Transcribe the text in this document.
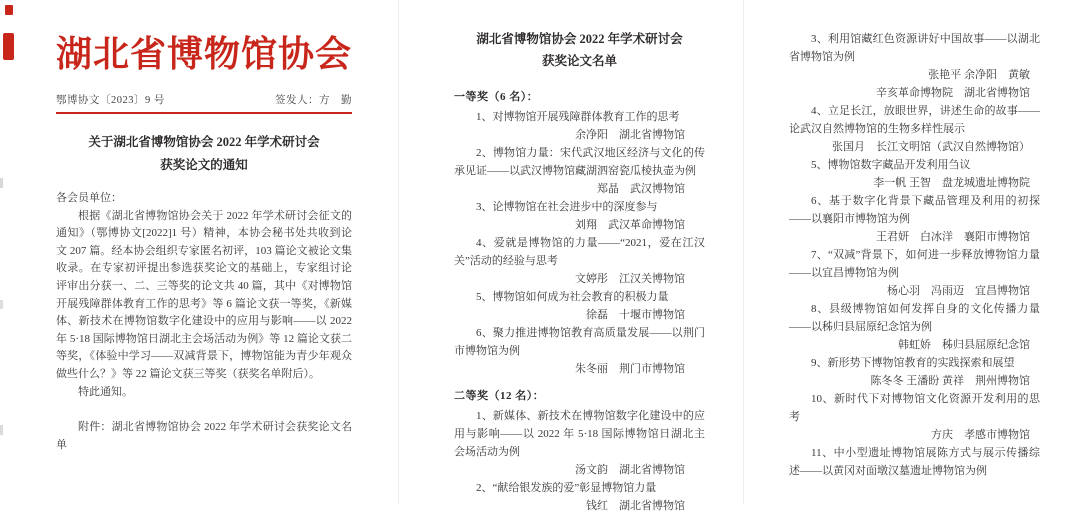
湖北省博物馆协会
鄂博协文〔2023〕9 号	签发人：方　勤
关于湖北省博物馆协会 2022 年学术研讨会
获奖论文的通知

各会员单位：

根据《湖北省博物馆协会关于 2022 年学术研讨会征文的通知》（鄂博协文[2022]1 号）精神，本协会秘书处共收到论文 207 篇。经本协会组织专家匿名初评，103 篇论文被论文集收录。在专家初评提出参选获奖论文的基础上，专家组讨论评审出分获一、二、三等奖的论文共 40 篇，其中《对博物馆开展残障群体教育工作的思考》等 6 篇论文获一等奖，《新媒体、新技术在博物馆数字化建设中的应用与影响——以 2022 年 5·18 国际博物馆日湖北主会场活动为例》等 12 篇论文获二等奖，《体验中学习——双减背景下，博物馆能为青少年观众做些什么？》等 22 篇论文获三等奖（获奖名单附后）。

特此通知。

附件：湖北省博物馆协会 2022 年学术研讨会获奖论文名单

湖北省博物馆协会 2022 年学术研讨会
获奖论文名单

一等奖（6 名）：

1、对博物馆开展残障群体教育工作的思考

余净阳　湖北省博物馆

2、博物馆力量：宋代武汉地区经济与文化的传承见证——以武汉博物馆藏湖泗窑瓷瓜棱执壶为例

郑晶　武汉博物馆

3、论博物馆在社会进步中的深度参与

刘翔　武汉革命博物馆

4、爱就是博物馆的力量——“2021，爱在江汉关”活动的经验与思考

文婷彤　江汉关博物馆

5、博物馆如何成为社会教育的积极力量

徐磊　十堰市博物馆

6、聚力推进博物馆教育高质量发展——以荆门市博物馆为例

朱冬丽　荆门市博物馆

二等奖（12 名）：

1、新媒体、新技术在博物馆数字化建设中的应用与影响——以 2022 年 5·18 国际博物馆日湖北主会场活动为例

汤文韵　湖北省博物馆

2、“献给银发族的爱”彰显博物馆力量

钱红　湖北省博物馆

3、利用馆藏红色资源讲好中国故事——以湖北省博物馆为例

张艳平 余净阳　黄敏

辛亥革命博物院　湖北省博物馆

4、立足长江，放眼世界，讲述生命的故事——论武汉自然博物馆的生物多样性展示

张国月　长江文明馆（武汉自然博物馆）

5、博物馆数字藏品开发利用刍议

李一帆 王智　盘龙城遗址博物院

6、基于数字化背景下藏品管理及利用的初探——以襄阳市博物馆为例

王君妍　白冰洋　襄阳市博物馆

7、“双减”背景下，如何进一步释放博物馆力量——以宜昌博物馆为例

杨心羽　冯雨迈　宜昌博物馆

8、县级博物馆如何发挥自身的文化传播力量——以秭归县屈原纪念馆为例

韩虹娇　秭归县屈原纪念馆

9、新形势下博物馆教育的实践探索和展望

陈冬冬 王潘盼 黄祥　荆州博物馆

10、新时代下对博物馆文化资源开发利用的思考

方庆　孝感市博物馆

11、中小型遗址博物馆展陈方式与展示传播综述——以黄冈对面墩汉墓遗址博物馆为例
